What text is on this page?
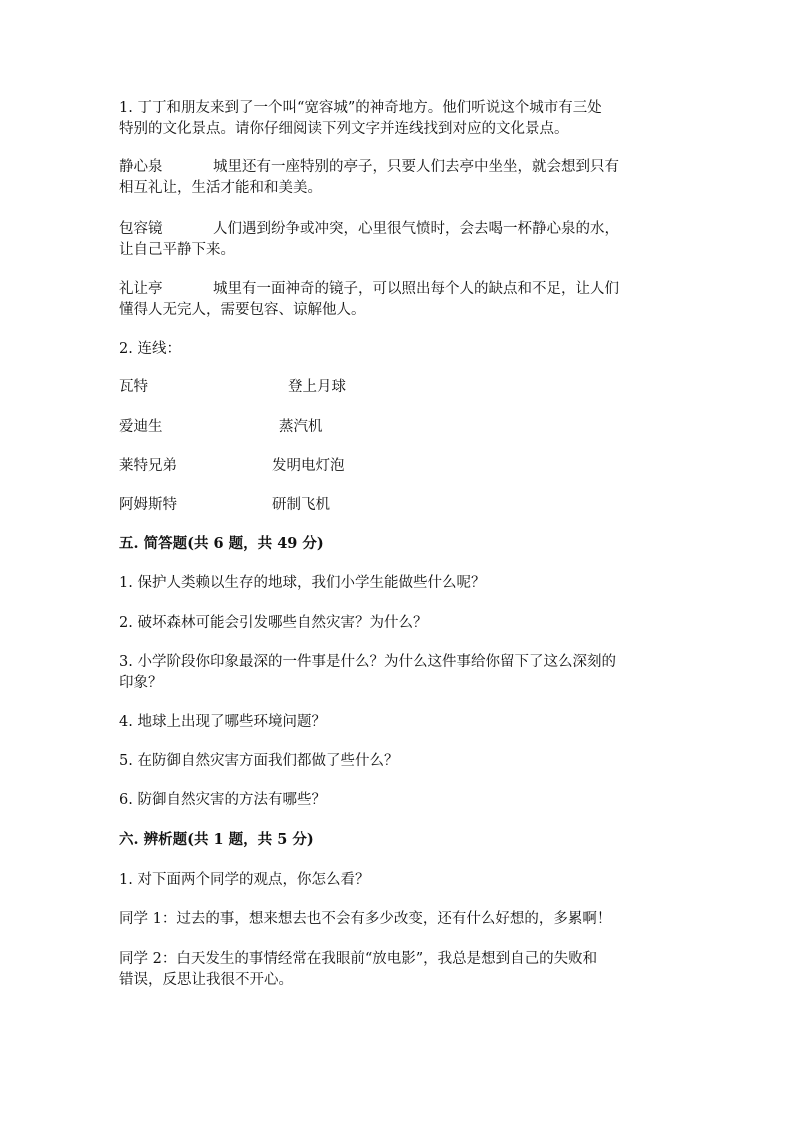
1. 丁丁和朋友来到了一个叫“宽容城”的神奇地方。他们听说这个城市有三处
特别的文化景点。请你仔细阅读下列文字并连线找到对应的文化景点。
静心泉	城里还有一座特别的亭子，只要人们去亭中坐坐，就会想到只有
相互礼让，生活才能和和美美。
包容镜	人们遇到纷争或冲突，心里很气愤时，会去喝一杯静心泉的水，
让自己平静下来。
礼让亭	城里有一面神奇的镜子，可以照出每个人的缺点和不足，让人们
懂得人无完人，需要包容、谅解他人。
2. 连线：
瓦特	登上月球
爱迪生	蒸汽机
莱特兄弟	发明电灯泡
阿姆斯特	研制飞机
五. 简答题(共 6 题，共 49 分)
1. 保护人类赖以生存的地球，我们小学生能做些什么呢？
2. 破坏森林可能会引发哪些自然灾害？为什么？
3. 小学阶段你印象最深的一件事是什么？为什么这件事给你留下了这么深刻的
印象？
4. 地球上出现了哪些环境问题？
5. 在防御自然灾害方面我们都做了些什么？
6. 防御自然灾害的方法有哪些？
六. 辨析题(共 1 题，共 5 分)
1. 对下面两个同学的观点，你怎么看？
同学 1：过去的事，想来想去也不会有多少改变，还有什么好想的，多累啊！
同学 2：白天发生的事情经常在我眼前“放电影”，我总是想到自己的失败和
错误，反思让我很不开心。
